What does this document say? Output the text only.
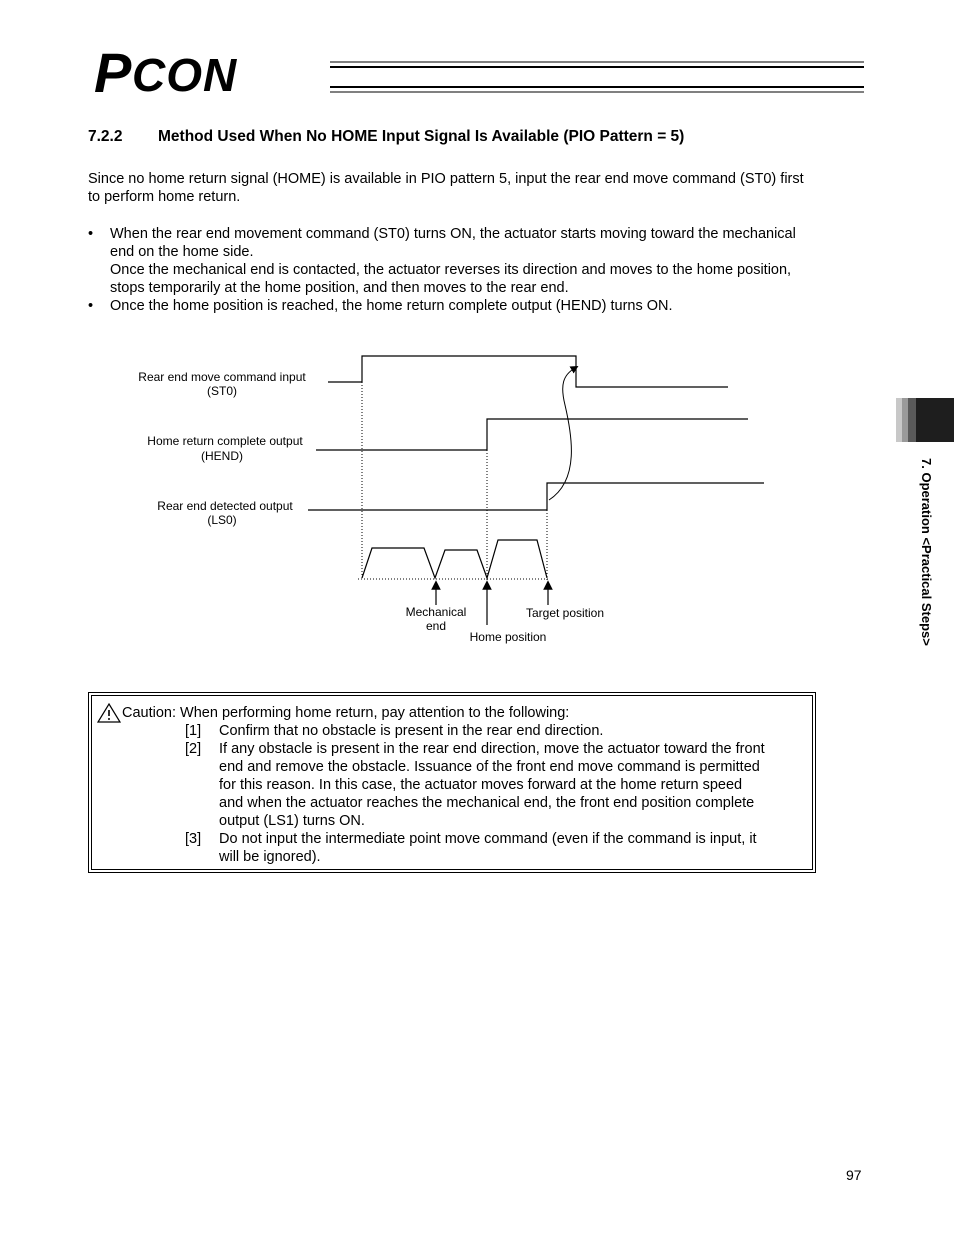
P CON
7.2.2 Method Used When No HOME Input Signal Is Available (PIO Pattern = 5)
Since no home return signal (HOME) is available in PIO pattern 5, input the rear end move command (ST0) first
to perform home return.
• When the rear end movement command (ST0) turns ON, the actuator starts moving toward the mechanical

end on the home side.

Once the mechanical end is contacted, the actuator reverses its direction and moves to the home position,

stops temporarily at the home position, and then moves to the rear end.

• Once the home position is reached, the home return complete output (HEND) turns ON.

Rear end move command input
(ST0)
Home return complete output
(HEND)
Rear end detected output
(LS0)
Mechanical
end
Home position
Target position
Caution: When performing home return, pay attention to the following:
[1] Confirm that no obstacle is present in the rear end direction.
[2] If any obstacle is present in the rear end direction, move the actuator toward the front
end and remove the obstacle. Issuance of the front end move command is permitted
for this reason. In this case, the actuator moves forward at the home return speed
and when the actuator reaches the mechanical end, the front end position complete
output (LS1) turns ON.
[3] Do not input the intermediate point move command (even if the command is input, it
will be ignored).
7. Operation <Practical Steps>
97
